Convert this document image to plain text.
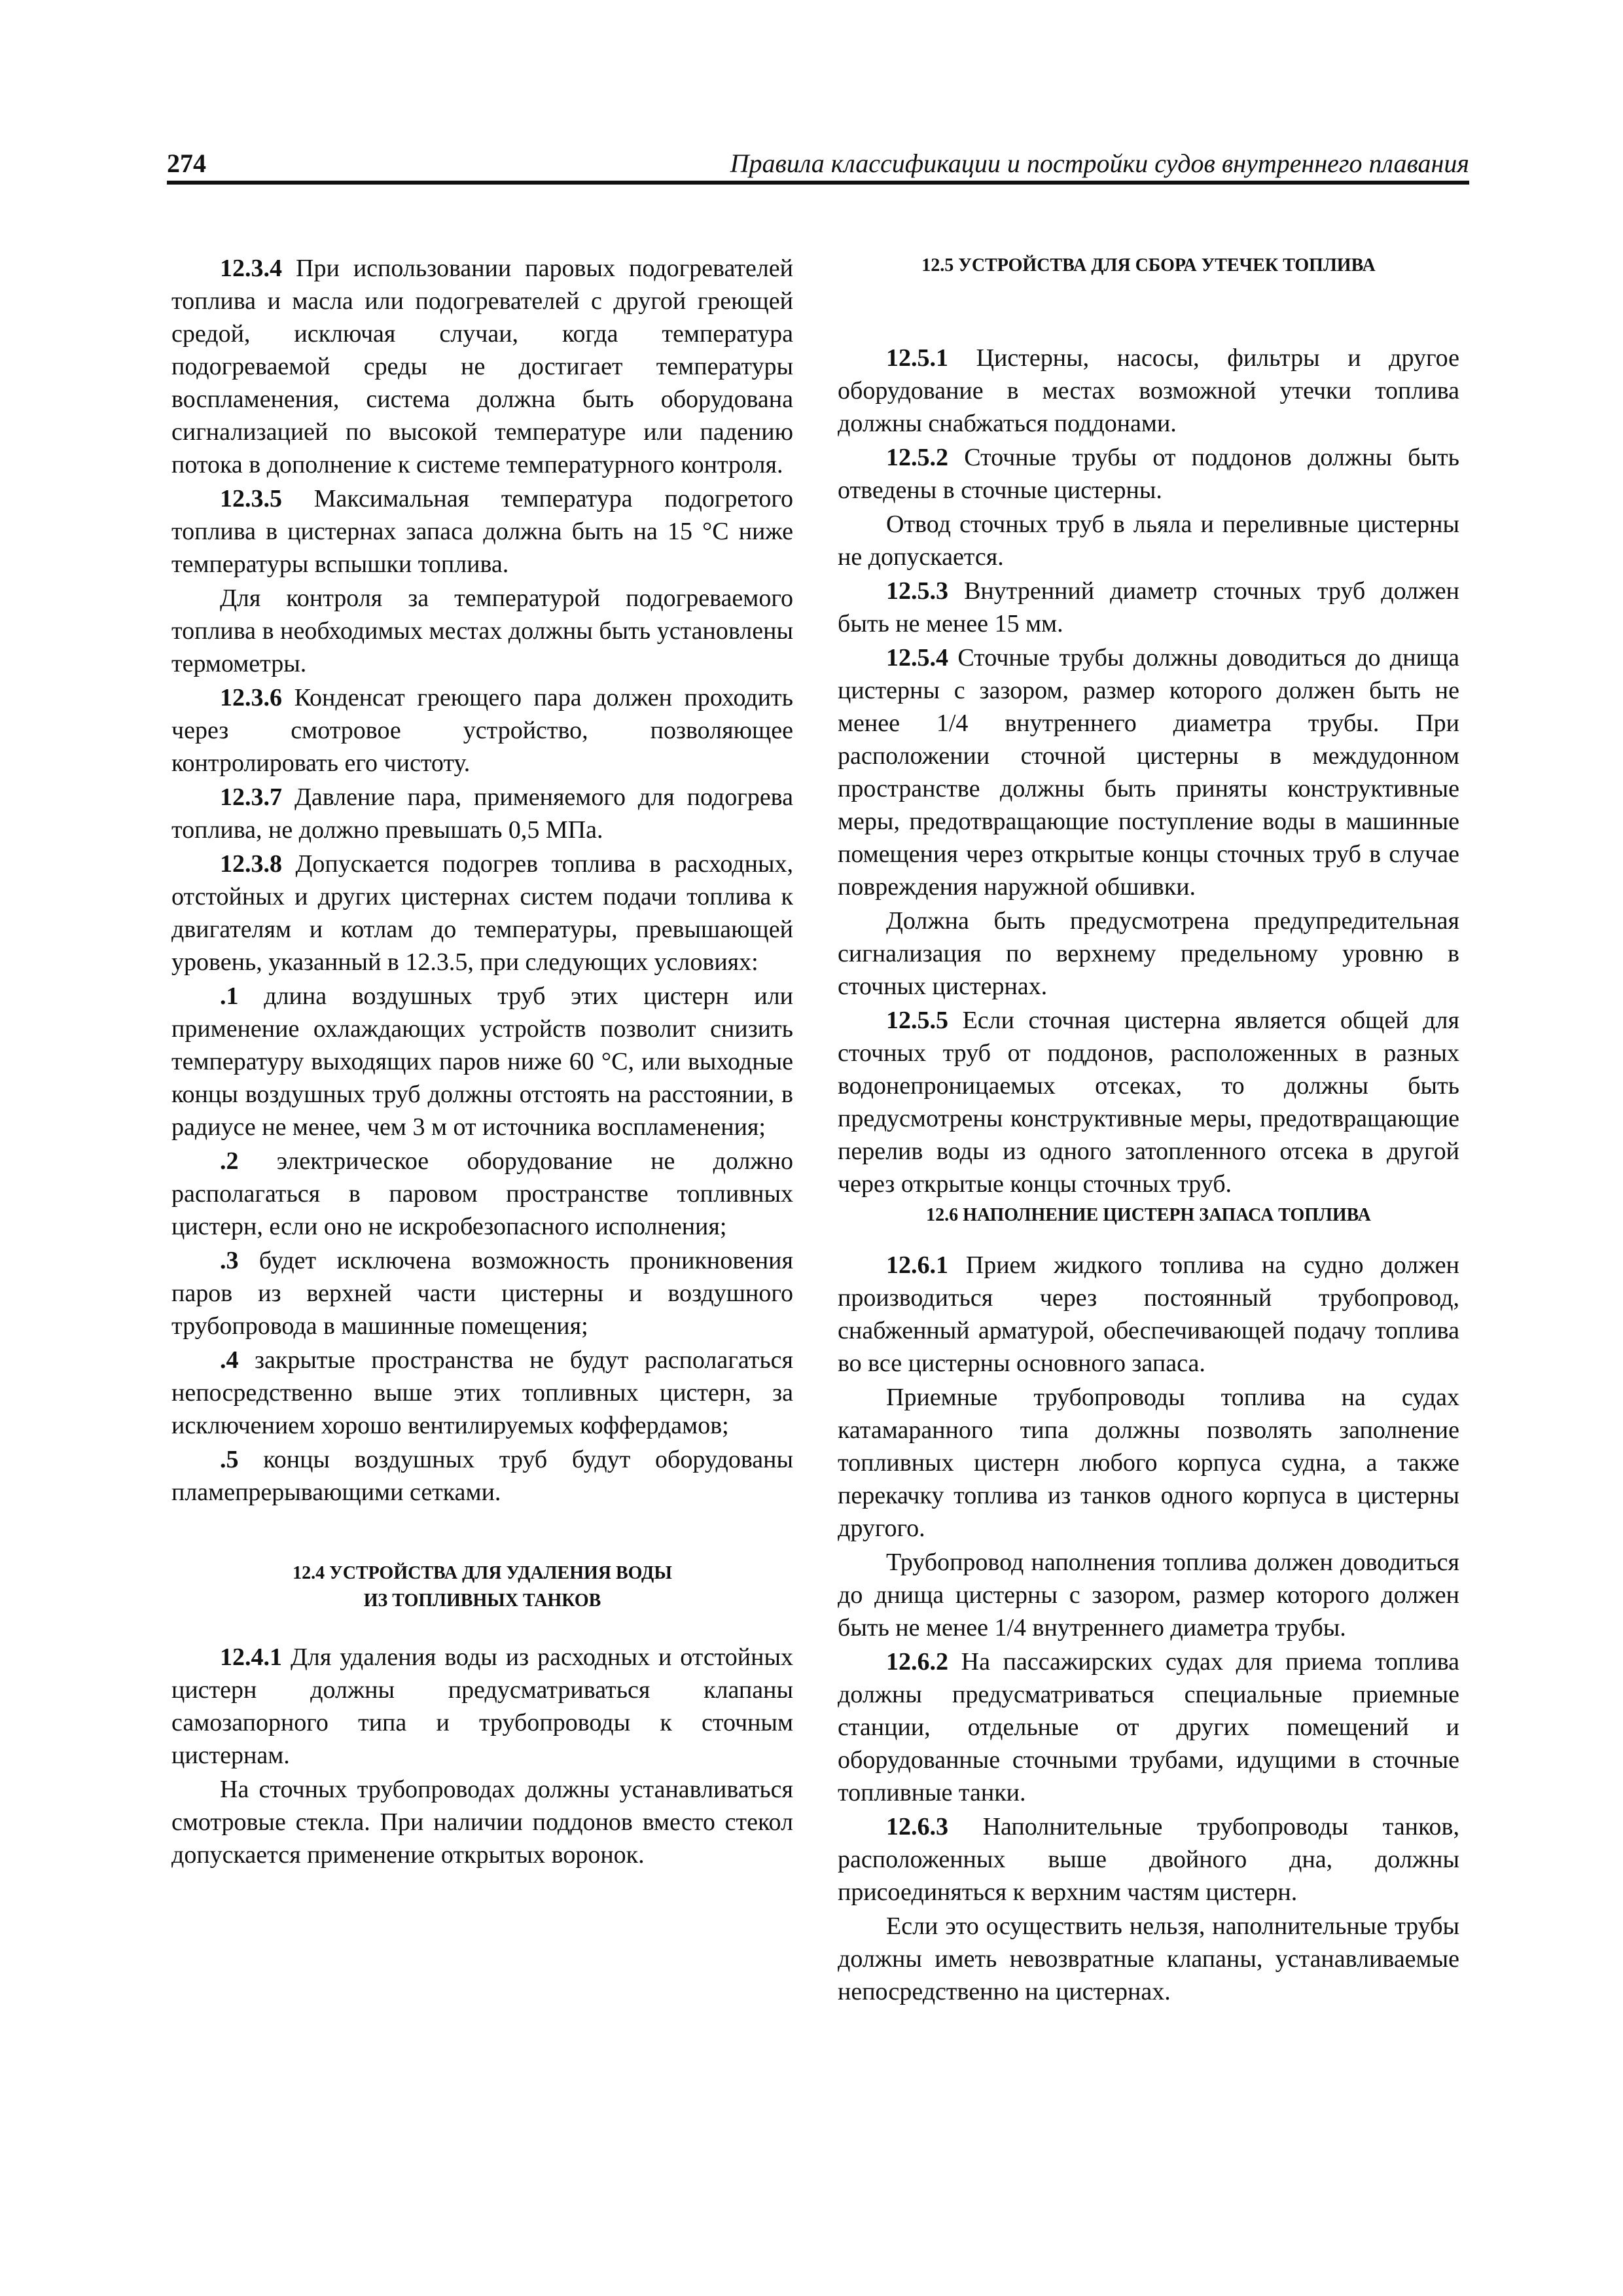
274	Правила классификации и постройки судов внутреннего плавания

12.3.4 При использовании паровых подогревателей топлива и масла или подогревателей с другой греющей средой, исключая случаи, когда температура подогреваемой среды не достигает температуры воспламенения, система должна быть оборудована сигнализацией по высокой температуре или падению потока в дополнение к системе температурного контроля.

12.3.5 Максимальная температура подогретого топлива в цистернах запаса должна быть на 15 °С ниже температуры вспышки топлива.

Для контроля за температурой подогреваемого топлива в необходимых местах должны быть установлены термометры.

12.3.6 Конденсат греющего пара должен проходить через смотровое устройство, позволяющее контролировать его чистоту.

12.3.7 Давление пара, применяемого для подогрева топлива, не должно превышать 0,5 МПа.

12.3.8 Допускается подогрев топлива в расходных, отстойных и других цистернах систем подачи топлива к двигателям и котлам до температуры, превышающей уровень, указанный в 12.3.5, при следующих условиях:

.1 длина воздушных труб этих цистерн или применение охлаждающих устройств позволит снизить температуру выходящих паров ниже 60 °С, или выходные концы воздушных труб должны отстоять на расстоянии, в радиусе не менее, чем 3 м от источника воспламенения;

.2 электрическое оборудование не должно располагаться в паровом пространстве топливных цистерн, если оно не искробезопасного исполнения;

.3 будет исключена возможность проникновения паров из верхней части цистерны и воздушного трубопровода в машинные помещения;

.4 закрытые пространства не будут располагаться непосредственно выше этих топливных цистерн, за исключением хорошо вентилируемых коффердамов;

.5 концы воздушных труб будут оборудованы пламепрерывающими сетками.

12.4 УСТРОЙСТВА ДЛЯ УДАЛЕНИЯ ВОДЫ

ИЗ ТОПЛИВНЫХ ТАНКОВ

12.4.1 Для удаления воды из расходных и отстойных цистерн должны предусматриваться клапаны самозапорного типа и трубопроводы к сточным цистернам.

На сточных трубопроводах должны устанавливаться смотровые стекла. При наличии поддонов вместо стекол допускается применение открытых воронок.

12.5 УСТРОЙСТВА ДЛЯ СБОРА УТЕЧЕК ТОПЛИВА

12.5.1 Цистерны, насосы, фильтры и другое оборудование в местах возможной утечки топлива должны снабжаться поддонами.

12.5.2 Сточные трубы от поддонов должны быть отведены в сточные цистерны.

Отвод сточных труб в льяла и переливные цистерны не допускается.

12.5.3 Внутренний диаметр сточных труб должен быть не менее 15 мм.

12.5.4 Сточные трубы должны доводиться до днища цистерны с зазором, размер которого должен быть не менее 1/4 внутреннего диаметра трубы. При расположении сточной цистерны в междудонном пространстве должны быть приняты конструктивные меры, предотвращающие поступление воды в машинные помещения через открытые концы сточных труб в случае повреждения наружной обшивки.

Должна быть предусмотрена предупредительная сигнализация по верхнему предельному уровню в сточных цистернах.

12.5.5 Если сточная цистерна является общей для сточных труб от поддонов, расположенных в разных водонепроницаемых отсеках, то должны быть предусмотрены конструктивные меры, предотвращающие перелив воды из одного затопленного отсека в другой через открытые концы сточных труб.

12.6 НАПОЛНЕНИЕ ЦИСТЕРН ЗАПАСА ТОПЛИВА

12.6.1 Прием жидкого топлива на судно должен производиться через постоянный трубопровод, снабженный арматурой, обеспечивающей подачу топлива во все цистерны основного запаса.

Приемные трубопроводы топлива на судах катамаранного типа должны позволять заполнение топливных цистерн любого корпуса судна, а также перекачку топлива из танков одного корпуса в цистерны другого.

Трубопровод наполнения топлива должен доводиться до днища цистерны с зазором, размер которого должен быть не менее 1/4 внутреннего диаметра трубы.

12.6.2 На пассажирских судах для приема топлива должны предусматриваться специальные приемные станции, отдельные от других помещений и оборудованные сточными трубами, идущими в сточные топливные танки.

12.6.3 Наполнительные трубопроводы танков, расположенных выше двойного дна, должны присоединяться к верхним частям цистерн.

Если это осуществить нельзя, наполнительные трубы должны иметь невозвратные клапаны, устанавливаемые непосредственно на цистернах.
